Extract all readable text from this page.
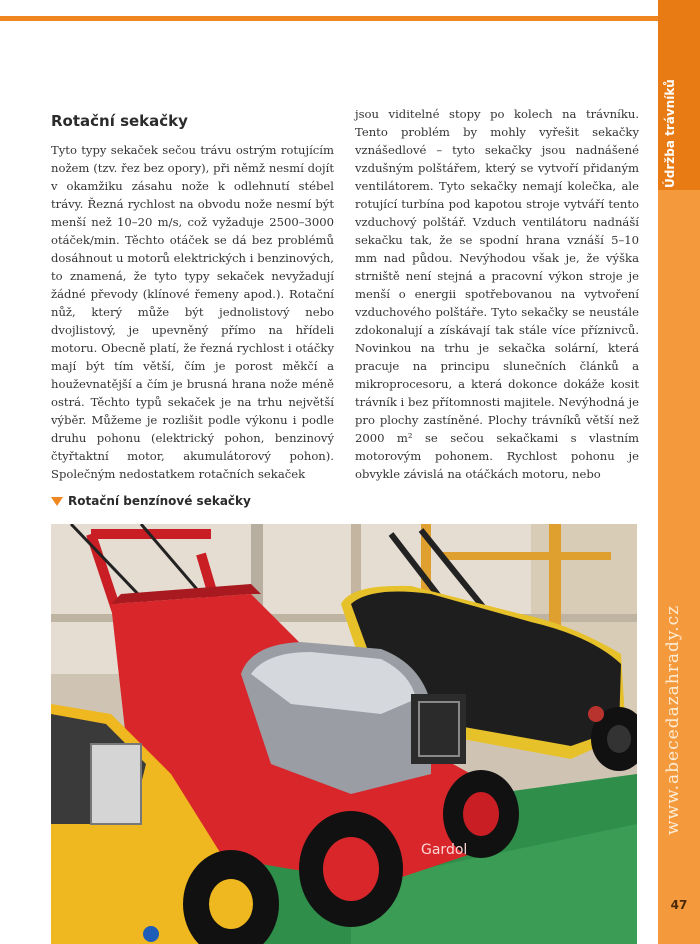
Údržba trávníků
www.abecedazahrady.cz
47
Rotační sekačky

Tyto typy sekaček sečou trávu ostrým rotujícím nožem (tzv. řez bez opory), při němž nesmí dojít v okamžiku zásahu nože k odlehnutí stébel trávy. Řezná rychlost na obvodu nože nesmí být menší než 10–20 m/s, což vyžaduje 2500–3000 otáček/min. Těchto otáček se dá bez problémů dosáhnout u motorů elektrických i benzinových, to znamená, že tyto typy sekaček nevyžadují žádné převody (klínové řemeny apod.). Rotační nůž, který může být jednolistový nebo dvojlistový, je upevněný přímo na hřídeli motoru. Obecně platí, že řezná rychlost i otáčky mají být tím větší, čím je porost měkčí a houževnatější a čím je brusná hrana nože méně ostrá. Těchto typů sekaček je na trhu největší výběr. Můžeme je rozlišit podle výkonu i podle druhu pohonu (elektrický pohon, benzinový čtyřtaktní motor, akumulátorový pohon). Společným nedostatkem rotačních sekaček

jsou viditelné stopy po kolech na trávníku. Tento problém by mohly vyřešit sekačky vznášedlové – tyto sekačky jsou nadnášené vzdušným polštářem, který se vytvoří přidaným ventilátorem. Tyto sekačky nemají kolečka, ale rotující turbína pod kapotou stroje vytváří tento vzduchový polštář. Vzduch ventilátoru nadnáší sekačku tak, že se spodní hrana vznáší 5–10 mm nad půdou. Nevýhodou však je, že výška strniště není stejná a pracovní výkon stroje je menší o energii spotřebovanou na vytvoření vzduchového polštáře. Tyto sekačky se neustále zdokonalují a získávají tak stále více příznivců. Novinkou na trhu je sekačka solární, která pracuje na principu slunečních článků a mikroprocesoru, a která dokonce dokáže kosit trávník i bez přítomnosti majitele. Nevýhodná je pro plochy zastíněné. Plochy trávníků větší než 2000 m² se sečou sekačkami s vlastním motorovým pohonem. Rychlost pohonu je obvykle závislá na otáčkách motoru, nebo

Rotační benzínové sekačky
Gardol
